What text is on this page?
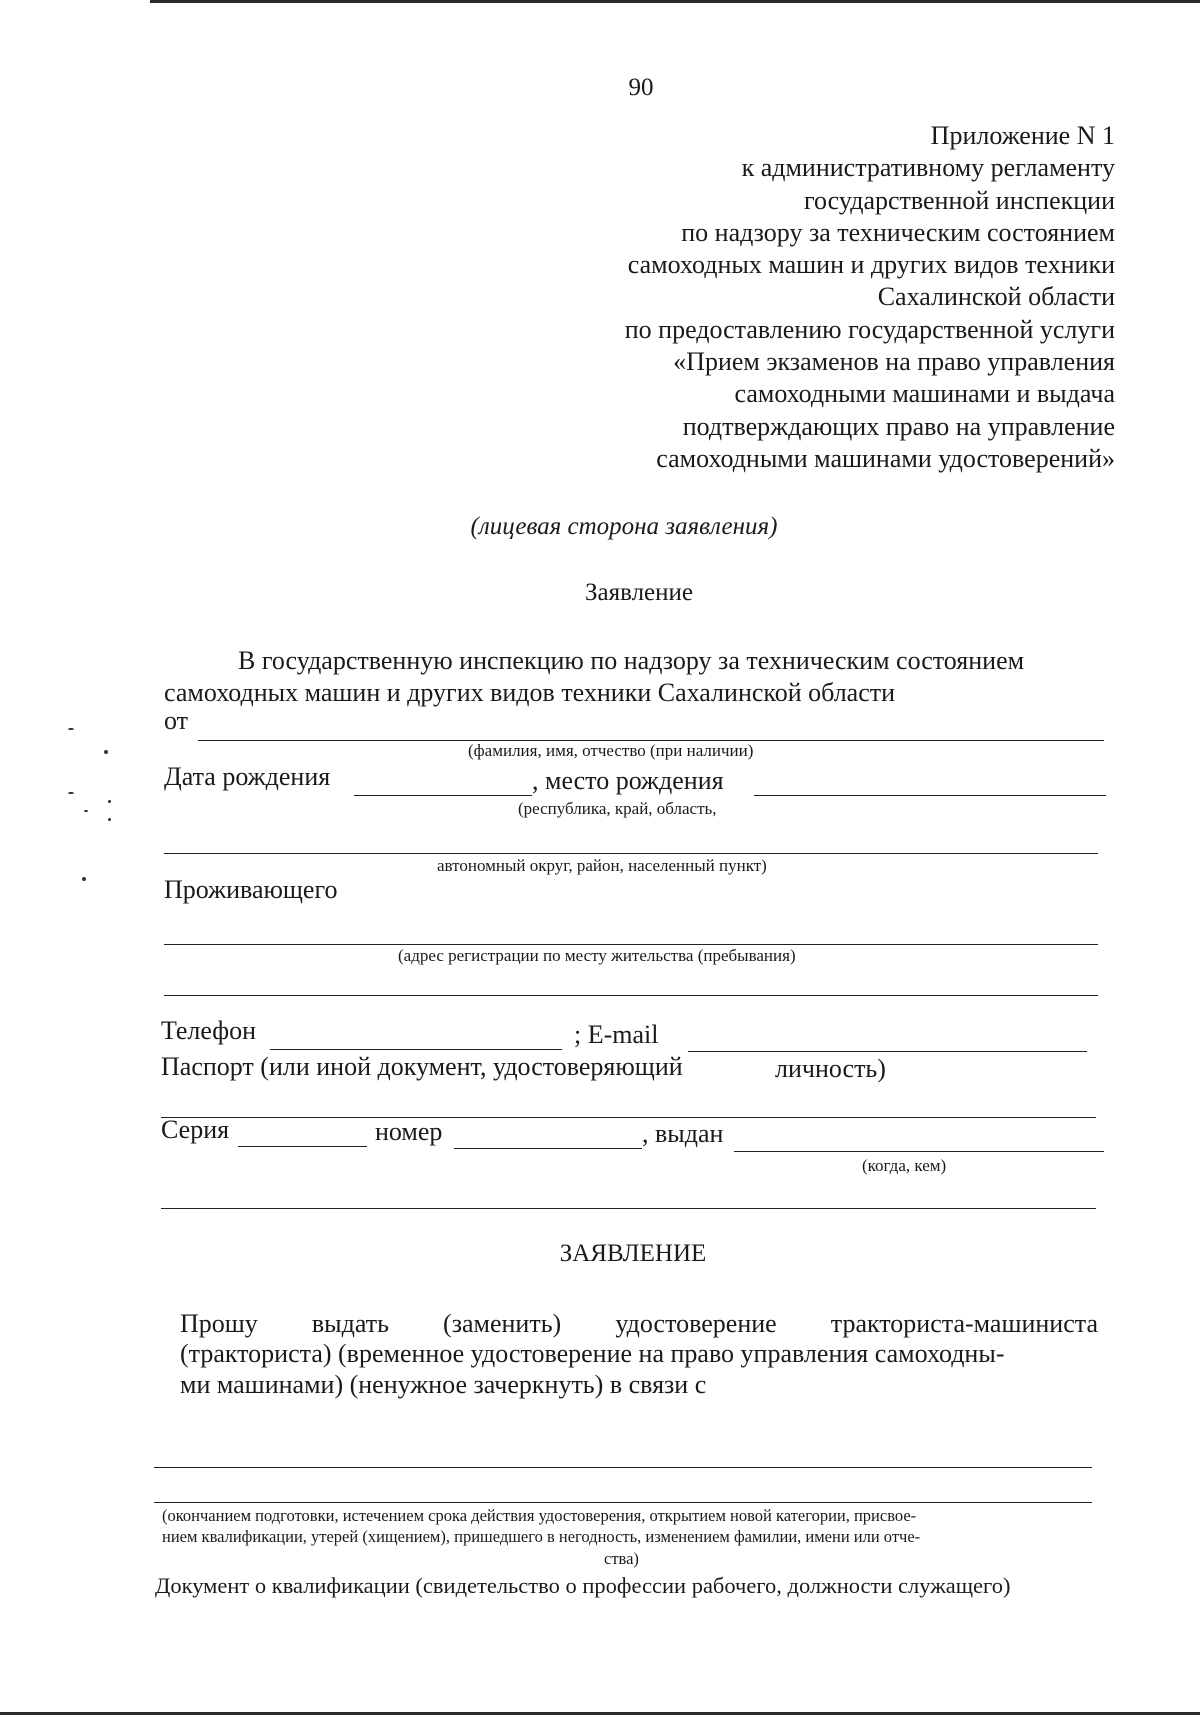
90
Приложение N 1
к административному регламенту
государственной инспекции
по надзору за техническим состоянием
самоходных машин и других видов техники
Сахалинской области
по предоставлению государственной услуги
«Прием экзаменов на право управления
самоходными машинами и выдача
подтверждающих право на управление
самоходными машинами удостоверений»
(лицевая сторона заявления)
Заявление
В государственную инспекцию по надзору за техническим состоянием
самоходных машин и других видов техники Сахалинской области
от
(фамилия, имя, отчество (при наличии)
Дата рождения	, место рождения
(республика, край, область,
автономный округ, район, населенный пункт)
Проживающего
(адрес регистрации по месту жительства (пребывания)
Телефон	; E-mail
Паспорт (или иной документ, удостоверяющий	личность)
Серия	номер	, выдан
(когда, кем)
ЗАЯВЛЕНИЕ
Прошу выдать (заменить) удостоверение тракториста-машиниста
(тракториста) (временное удостоверение на право управления самоходны-
ми машинами) (ненужное зачеркнуть) в связи с
(окончанием подготовки, истечением срока действия удостоверения, открытием новой категории, присвое-
нием квалификации, утерей (хищением), пришедшего в негодность, изменением фамилии, имени или отче-
ства)
Документ о квалификации (свидетельство о профессии рабочего, должности служащего)
